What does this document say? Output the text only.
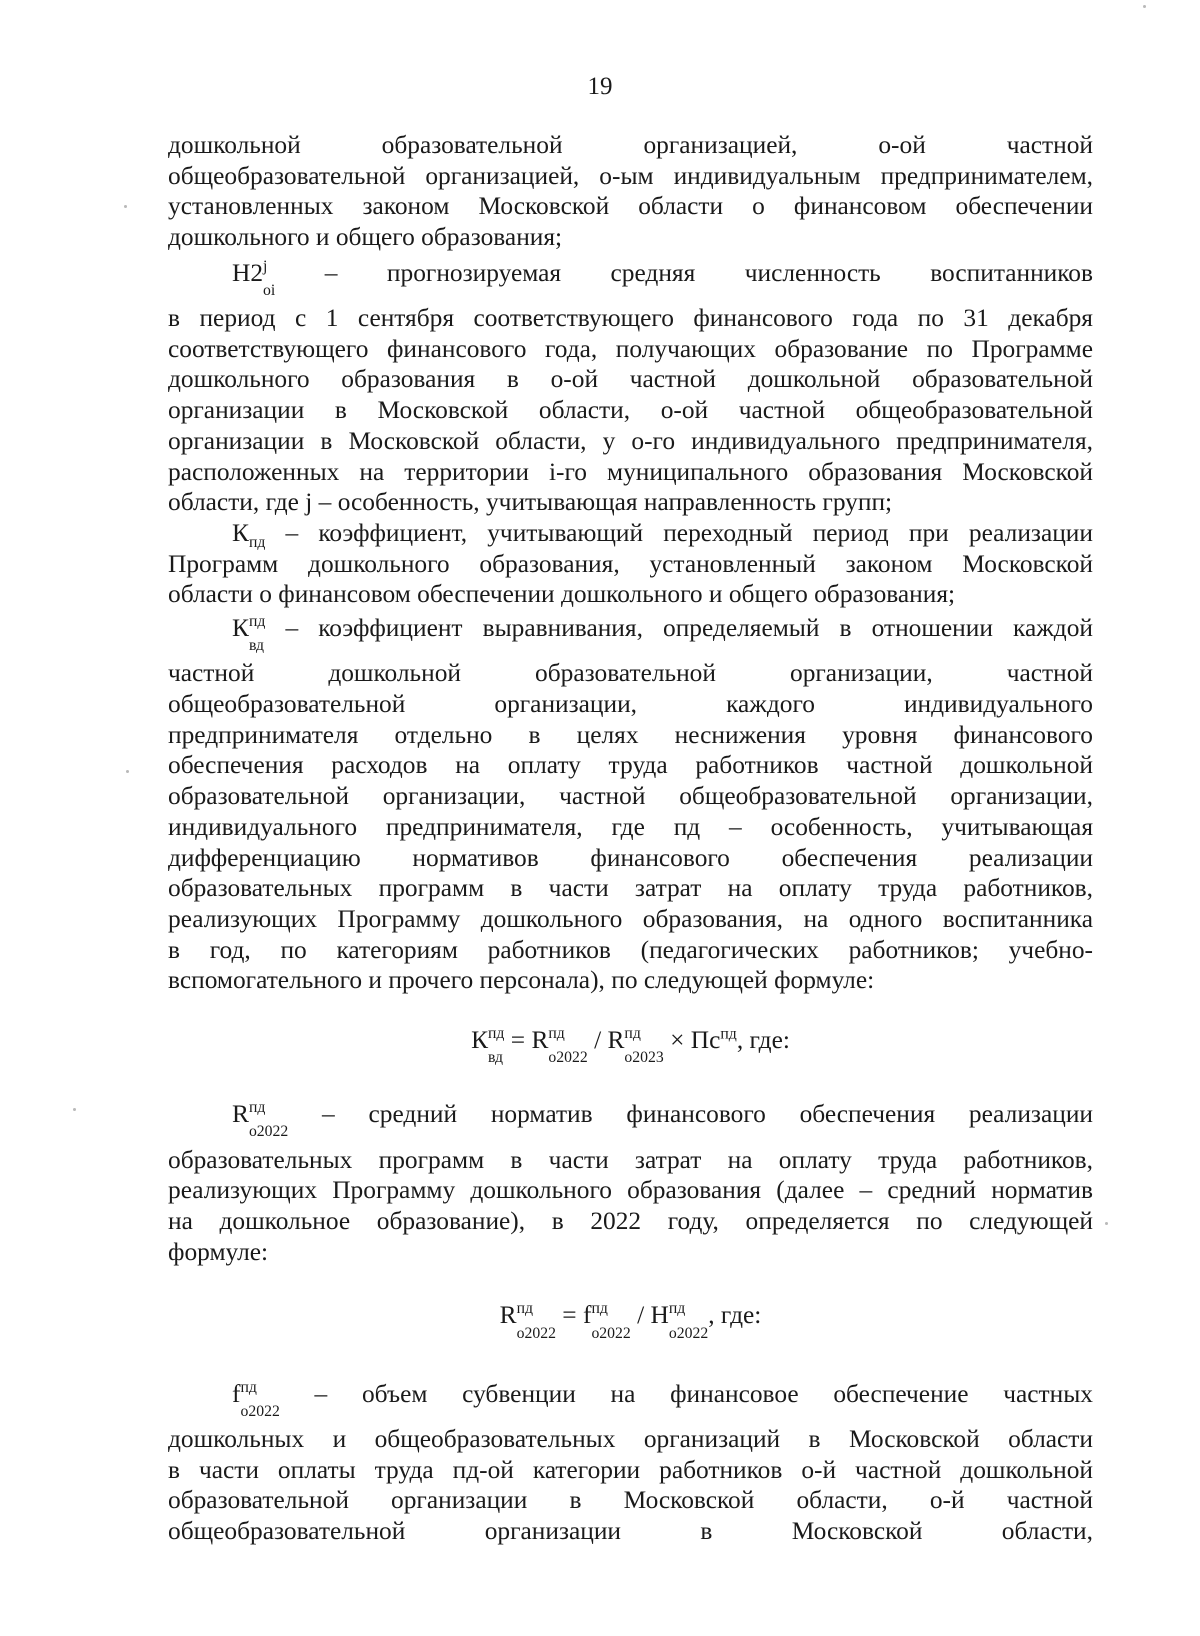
19

дошкольной образовательной организацией, о-ой частной
общеобразовательной организацией, о-ым индивидуальным предпринимателем,
установленных законом Московской области о финансовом обеспечении
дошкольного и общего образования;

Н2 j
oi
– прогнозируемая средняя численность воспитанников
в период с 1 сентября соответствующего финансового года по 31 декабря
соответствующего финансового года, получающих образование по Программе
дошкольного образования в о-ой частной дошкольной образовательной
организации в Московской области, о-ой частной общеобразовательной
организации в Московской области, у о-го индивидуального предпринимателя,
расположенных на территории i-го муниципального образования Московской
области, где j – особенность, учитывающая направленность групп;

$К_{пд}$ – коэффициент, учитывающий переходный период при реализации
Программ дошкольного образования, установленный законом Московской
области о финансовом обеспечении дошкольного и общего образования;

К пд
вд
– коэффициент выравнивания, определяемый в отношении каждой
частной дошкольной образовательной организации, частной
общеобразовательной организации, каждого индивидуального
предпринимателя отдельно в целях неснижения уровня финансового
обеспечения расходов на оплату труда работников частной дошкольной
образовательной организации, частной общеобразовательной организации,
индивидуального предпринимателя, где пд – особенность, учитывающая
дифференциацию нормативов финансового обеспечения реализации
образовательных программ в части затрат на оплату труда работников,
реализующих Программу дошкольного образования, на одного воспитанника
в год, по категориям работников (педагогических работников; учебно-
вспомогательного и прочего персонала), по следующей формуле:

К пд
вд
= R пд
o2022
/ R пд
o2023
× $Пс^{пд}$, где:

R пд
o2022
– средний норматив финансового обеспечения реализации
образовательных программ в части затрат на оплату труда работников,
реализующих Программу дошкольного образования (далее – средний норматив
на дошкольное образование), в 2022 году, определяется по следующей
формуле:

R пд
o2022
= f пд
o2022
/ Н пд
o2022
, где:

f пд
o2022
– объем субвенции на финансовое обеспечение частных
дошкольных и общеобразовательных организаций в Московской области
в части оплаты труда пд-ой категории работников о-й частной дошкольной
образовательной организации в Московской области, о-й частной
общеобразовательной организации в Московской области,
